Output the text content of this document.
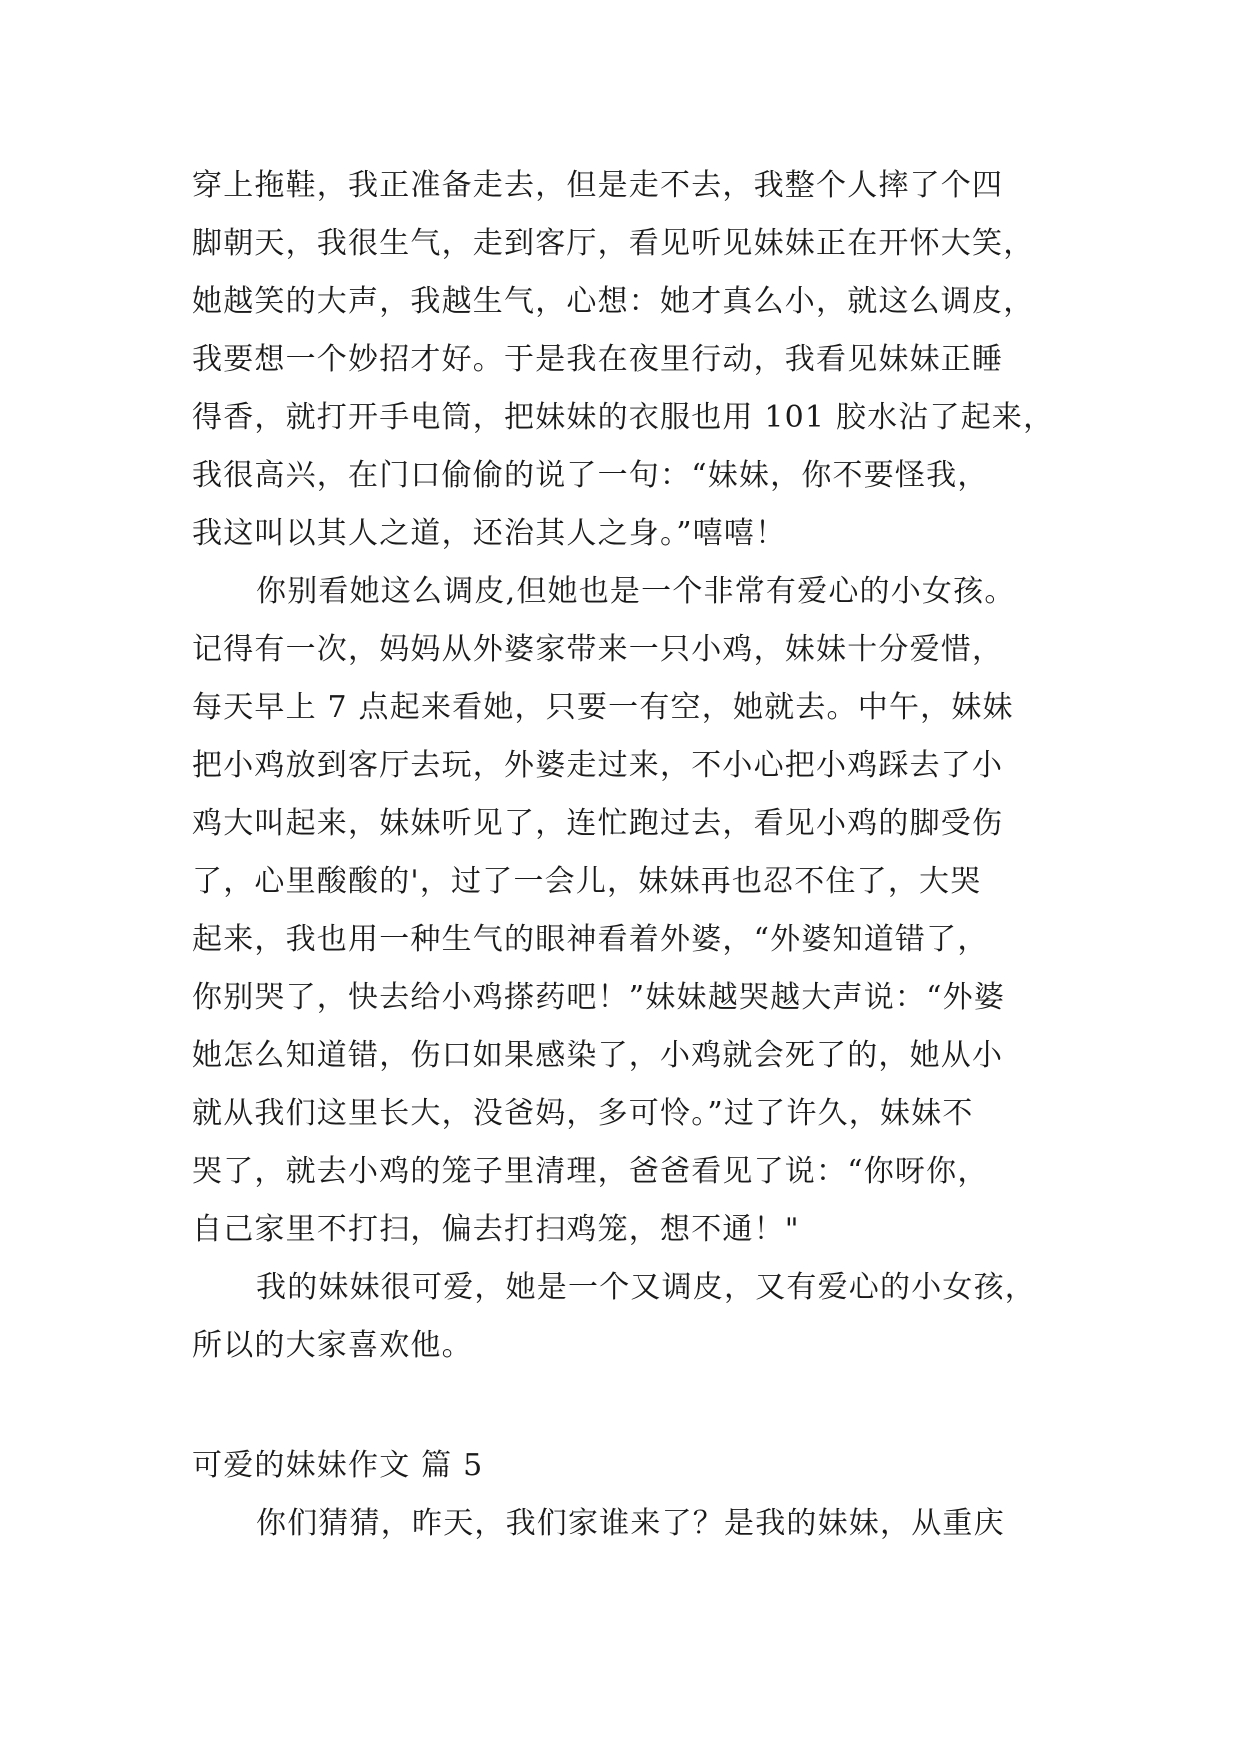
穿上拖鞋，我正准备走去，但是走不去，我整个人摔了个四
脚朝天，我很生气，走到客厅，看见听见妹妹正在开怀大笑，
她越笑的大声，我越生气，心想：她才真么小，就这么调皮，
我要想一个妙招才好。于是我在夜里行动，我看见妹妹正睡
得香，就打开手电筒，把妹妹的衣服也用 101 胶水沾了起来，
我很高兴，在门口偷偷的说了一句：“妹妹，你不要怪我，
我这叫以其人之道，还治其人之身。”嘻嘻！
你别看她这么调皮,但她也是一个非常有爱心的小女孩。
记得有一次，妈妈从外婆家带来一只小鸡，妹妹十分爱惜，
每天早上 7 点起来看她，只要一有空，她就去。中午，妹妹
把小鸡放到客厅去玩，外婆走过来，不小心把小鸡踩去了小
鸡大叫起来，妹妹听见了，连忙跑过去，看见小鸡的脚受伤
了，心里酸酸的'，过了一会儿，妹妹再也忍不住了，大哭
起来，我也用一种生气的眼神看着外婆，“外婆知道错了，
你别哭了，快去给小鸡搽药吧！”妹妹越哭越大声说：“外婆
她怎么知道错，伤口如果感染了，小鸡就会死了的，她从小
就从我们这里长大，没爸妈，多可怜。”过了许久，妹妹不
哭了，就去小鸡的笼子里清理，爸爸看见了说：“你呀你，
自己家里不打扫，偏去打扫鸡笼，想不通！"
我的妹妹很可爱，她是一个又调皮，又有爱心的小女孩，
所以的大家喜欢他。
可爱的妹妹作文 篇 5
你们猜猜，昨天，我们家谁来了？是我的妹妹，从重庆
